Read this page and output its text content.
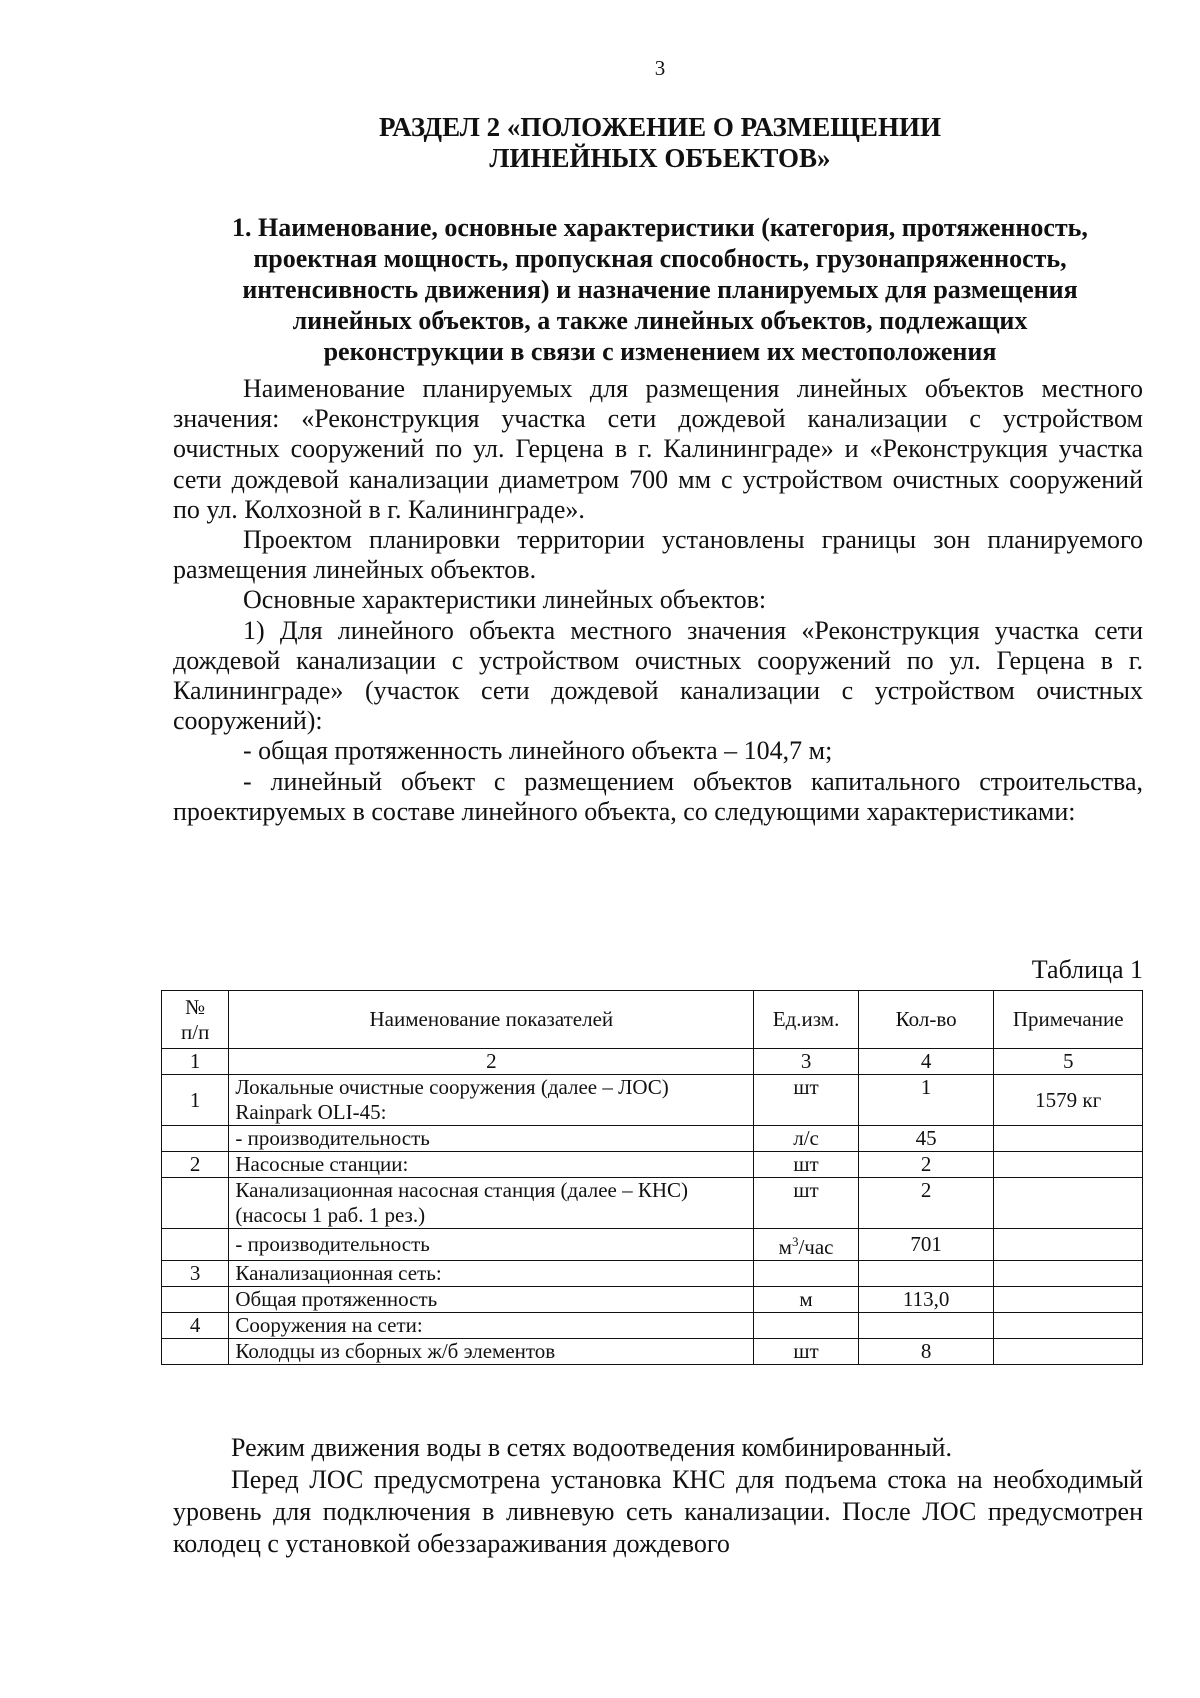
3
РАЗДЕЛ 2 «ПОЛОЖЕНИЕ О РАЗМЕЩЕНИИ
ЛИНЕЙНЫХ ОБЪЕКТОВ»
1. Наименование, основные характеристики (категория, протяженность,
проектная мощность, пропускная способность, грузонапряженность,
интенсивность движения) и назначение планируемых для размещения
линейных объектов, а также линейных объектов, подлежащих
реконструкции в связи с изменением их местоположения

Наименование планируемых для размещения линейных объектов местного значения: «Реконструкция участка сети дождевой канализации с устройством очистных сооружений по ул. Герцена в г. Калининграде» и «Реконструкция участка сети дождевой канализации диаметром 700 мм с устройством очистных сооружений по ул. Колхозной в г. Калининграде».

Проектом планировки территории установлены границы зон планируемого размещения линейных объектов.

Основные характеристики линейных объектов:

1) Для линейного объекта местного значения «Реконструкция участка сети дождевой канализации с устройством очистных сооружений по ул. Герцена в г. Калининграде» (участок сети дождевой канализации с устройством очистных сооружений):

- общая протяженность линейного объекта – 104,7 м;

- линейный объект с размещением объектов капитального строительства, проектируемых в составе линейного объекта, со следующими характеристиками:

Таблица 1
№
п/п	Наименование показателей	Ед.изм.	Кол-во	Примечание
1	2	3	4	5
1	Локальные очистные сооружения (далее – ЛОС) Rainpark OLI-45:	шт	1	1579 кг
	- производительность	л/с	45	
2	Насосные станции:	шт	2	
	Канализационная насосная станция (далее – КНС) (насосы 1 раб. 1 рез.)	шт	2	
	- производительность	$м^3$/час	701	
3	Канализационная сеть:			
	Общая протяженность	м	113,0	
4	Сооружения на сети:			
	Колодцы из сборных ж/б элементов	шт	8	

Режим движения воды в сетях водоотведения комбинированный.

Перед ЛОС предусмотрена установка КНС для подъема стока на необходимый уровень для подключения в ливневую сеть канализации. После ЛОС предусмотрен колодец с установкой обеззараживания дождевого
